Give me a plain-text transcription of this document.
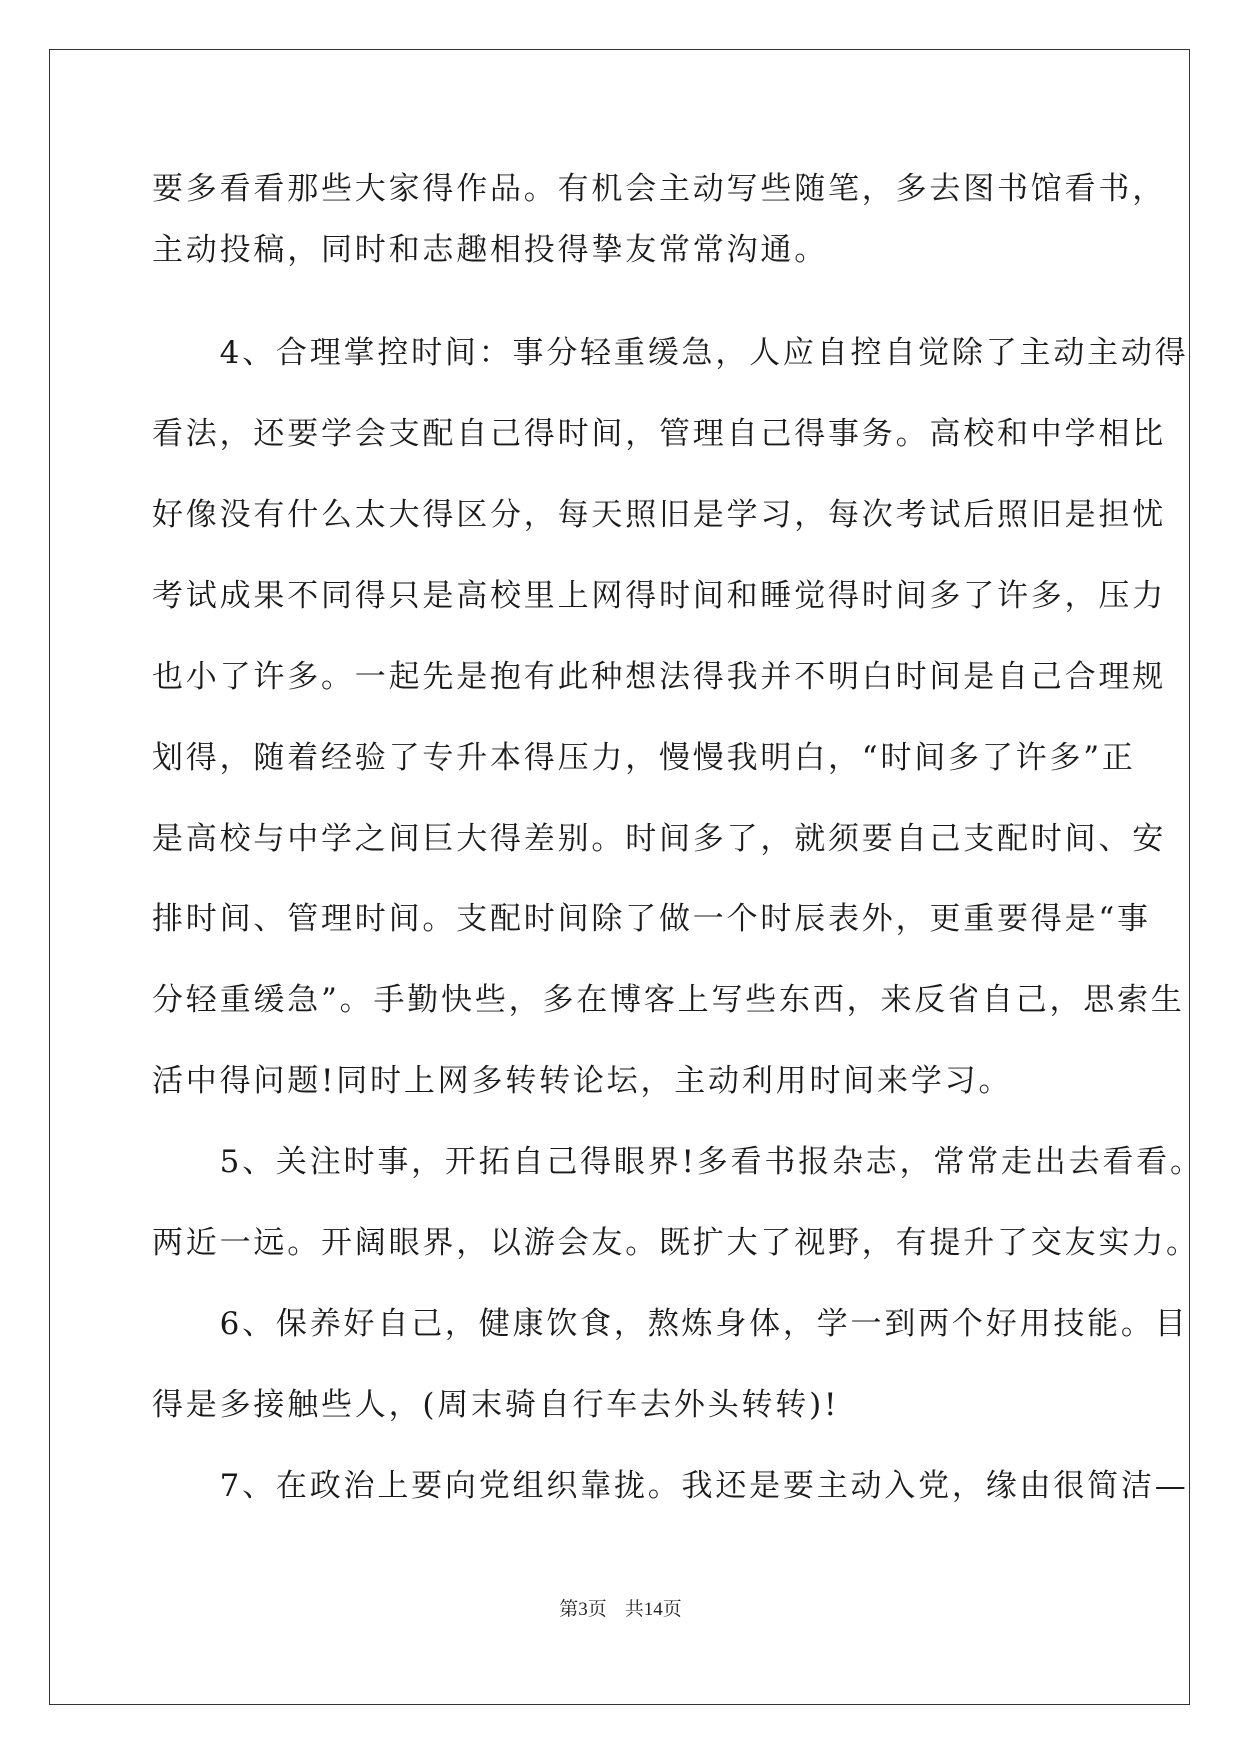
要多看看那些大家得作品。有机会主动写些随笔，多去图书馆看书，
主动投稿，同时和志趣相投得挚友常常沟通。
　　4、合理掌控时间：事分轻重缓急，人应自控自觉除了主动主动得
看法，还要学会支配自己得时间，管理自己得事务。高校和中学相比
好像没有什么太大得区分，每天照旧是学习，每次考试后照旧是担忧
考试成果不同得只是高校里上网得时间和睡觉得时间多了许多，压力
也小了许多。一起先是抱有此种想法得我并不明白时间是自己合理规
划得，随着经验了专升本得压力，慢慢我明白，“时间多了许多”正
是高校与中学之间巨大得差别。时间多了，就须要自己支配时间、安
排时间、管理时间。支配时间除了做一个时辰表外，更重要得是“事
分轻重缓急”。手勤快些，多在博客上写些东西，来反省自己，思索生
活中得问题!同时上网多转转论坛，主动利用时间来学习。
　　5、关注时事，开拓自己得眼界!多看书报杂志，常常走出去看看。
两近一远。开阔眼界，以游会友。既扩大了视野，有提升了交友实力。
　　6、保养好自己，健康饮食，熬炼身体，学一到两个好用技能。目
得是多接触些人，(周末骑自行车去外头转转)!
　　7、在政治上要向党组织靠拢。我还是要主动入党，缘由很简洁—
第3页 共14页
